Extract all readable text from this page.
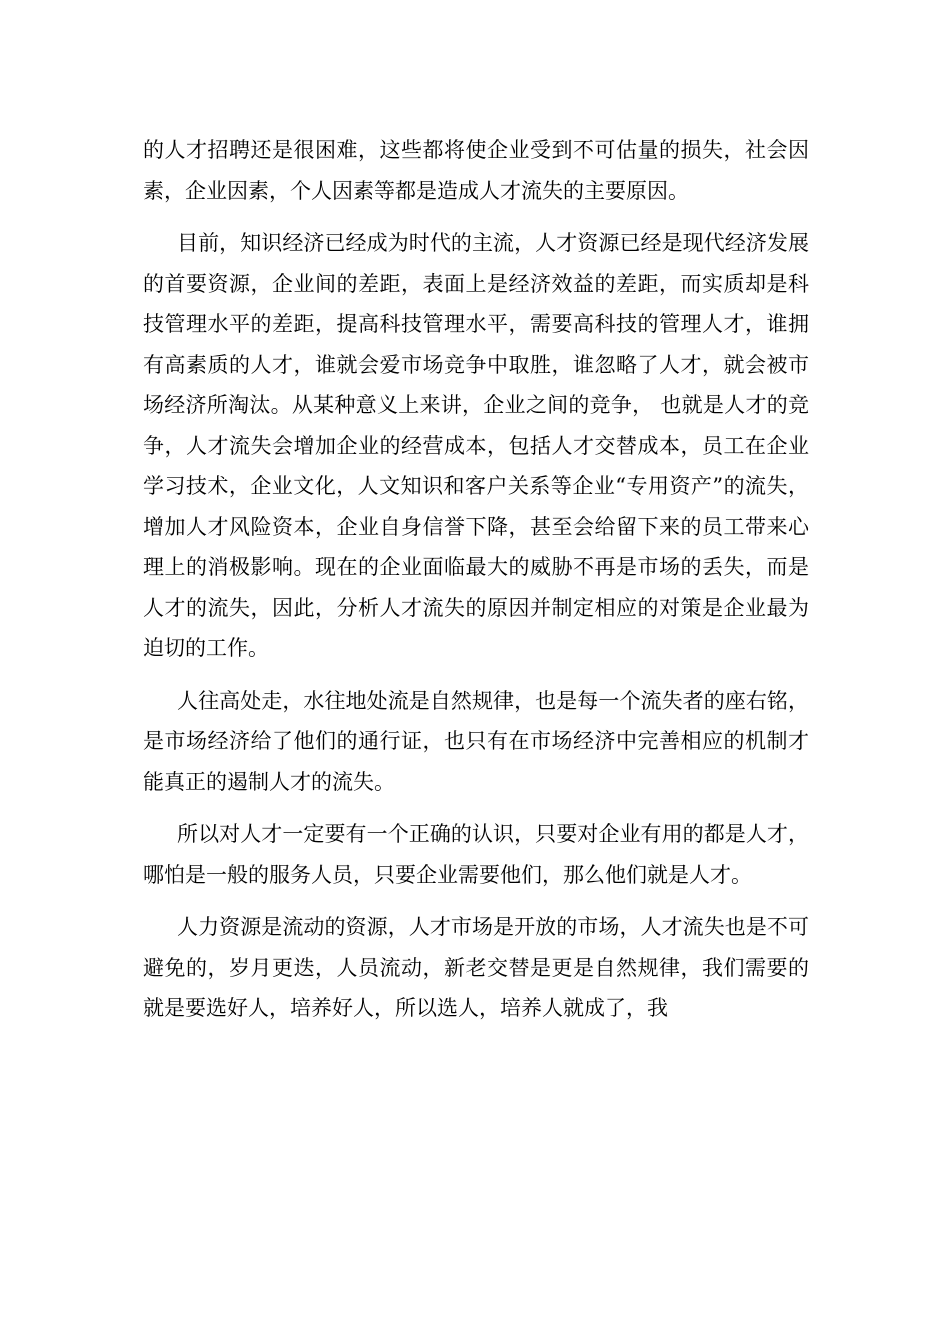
的人才招聘还是很困难，这些都将使企业受到不可估量的损失，社会因素，企业因素，个人因素等都是造成人才流失的主要原因。

目前，知识经济已经成为时代的主流，人才资源已经是现代经济发展的首要资源，企业间的差距，表面上是经济效益的差距，而实质却是科技管理水平的差距，提高科技管理水平，需要高科技的管理人才，谁拥有高素质的人才，谁就会爱市场竞争中取胜，谁忽略了人才，就会被市场经济所淘汰。从某种意义上来讲，企业之间的竞争， 也就是人才的竞争，人才流失会增加企业的经营成本，包括人才交替成本，员工在企业学习技术，企业文化，人文知识和客户关系等企业“专用资产”的流失，增加人才风险资本，企业自身信誉下降，甚至会给留下来的员工带来心理上的消极影响。现在的企业面临最大的威胁不再是市场的丢失，而是人才的流失，因此，分析人才流失的原因并制定相应的对策是企业最为迫切的工作。

人往高处走，水往地处流是自然规律，也是每一个流失者的座右铭，是市场经济给了他们的通行证，也只有在市场经济中完善相应的机制才能真正的遏制人才的流失。

所以对人才一定要有一个正确的认识，只要对企业有用的都是人才，哪怕是一般的服务人员，只要企业需要他们，那么他们就是人才。

人力资源是流动的资源，人才市场是开放的市场，人才流失也是不可避免的，岁月更迭，人员流动，新老交替是更是自然规律，我们需要的就是要选好人，培养好人，所以选人，培养人就成了，我
